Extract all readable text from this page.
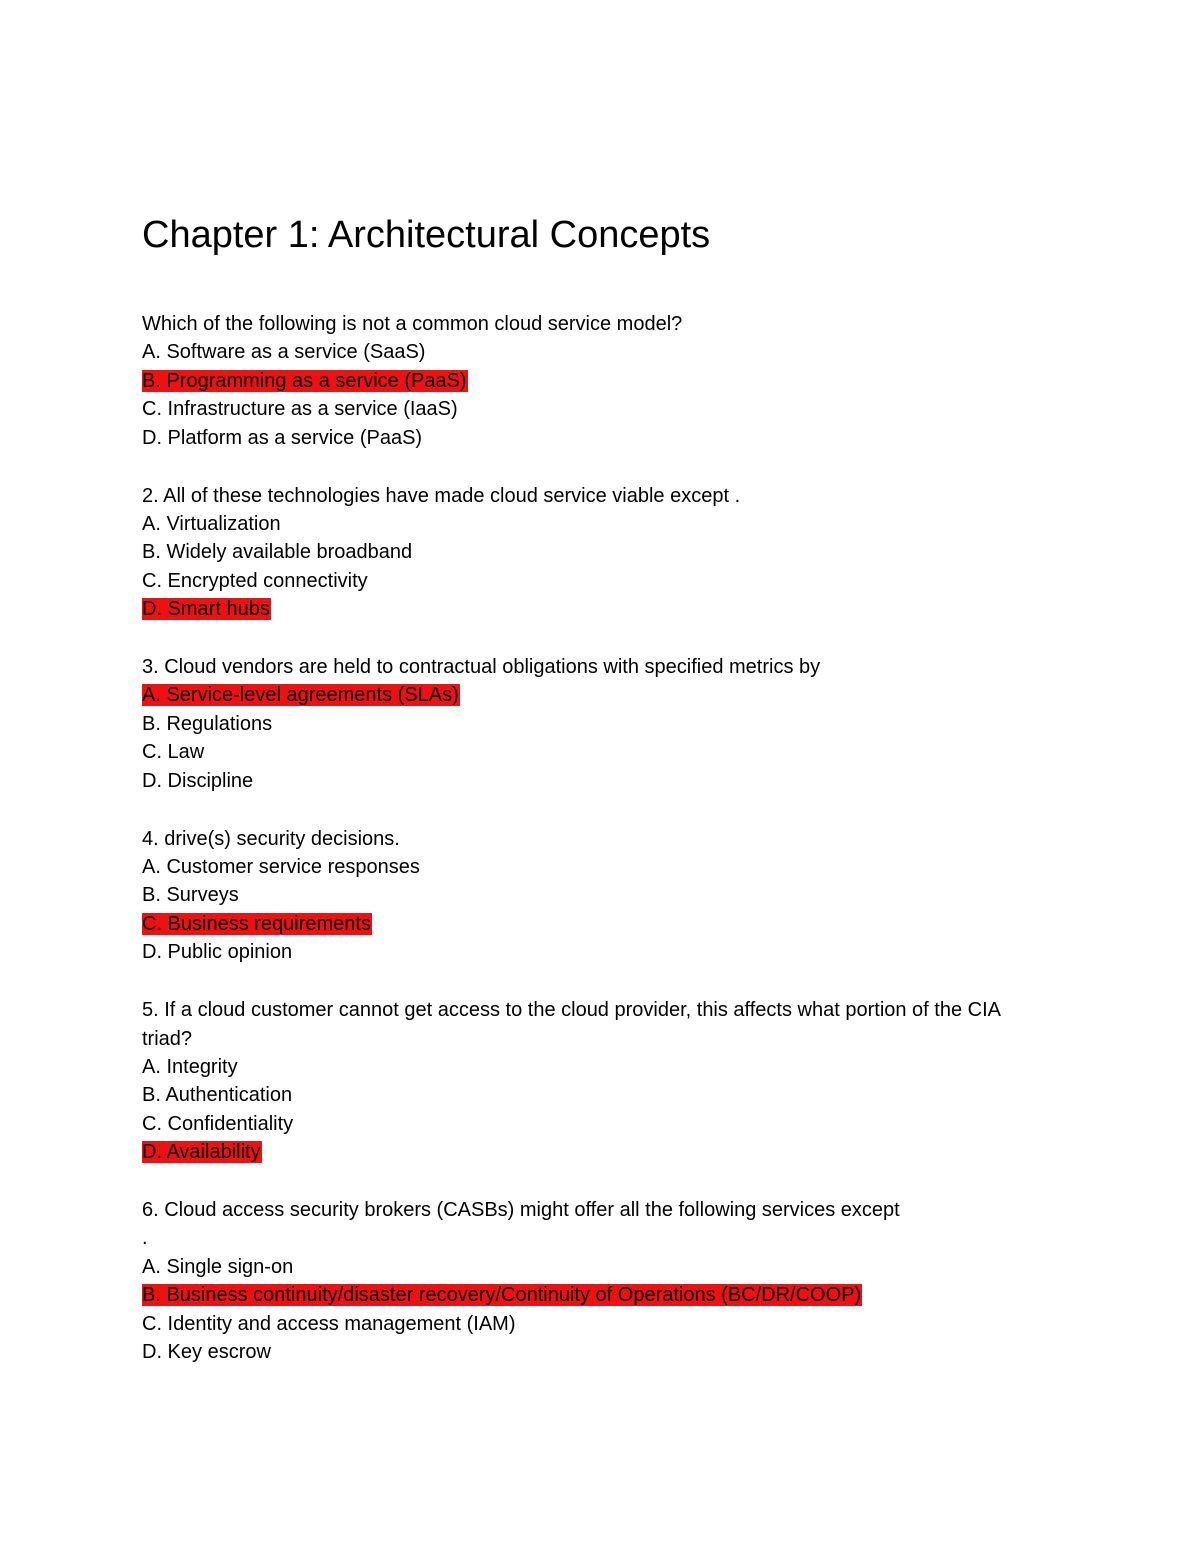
Chapter 1: Architectural Concepts
Which of the following is not a common cloud service model?
A. Software as a service (SaaS)
B. Programming as a service (PaaS)
C. Infrastructure as a service (IaaS)
D. Platform as a service (PaaS)
2. All of these technologies have made cloud service viable except .
A. Virtualization
B. Widely available broadband
C. Encrypted connectivity
D. Smart hubs
3. Cloud vendors are held to contractual obligations with specified metrics by
A. Service-level agreements (SLAs)
B. Regulations
C. Law
D. Discipline
4. drive(s) security decisions.
A. Customer service responses
B. Surveys
C. Business requirements
D. Public opinion
5. If a cloud customer cannot get access to the cloud provider, this affects what portion of the CIA triad?
A. Integrity
B. Authentication
C. Confidentiality
D. Availability
6. Cloud access security brokers (CASBs) might offer all the following services except
.
A. Single sign-on
B. Business continuity/disaster recovery/Continuity of Operations (BC/DR/COOP)
C. Identity and access management (IAM)
D. Key escrow
